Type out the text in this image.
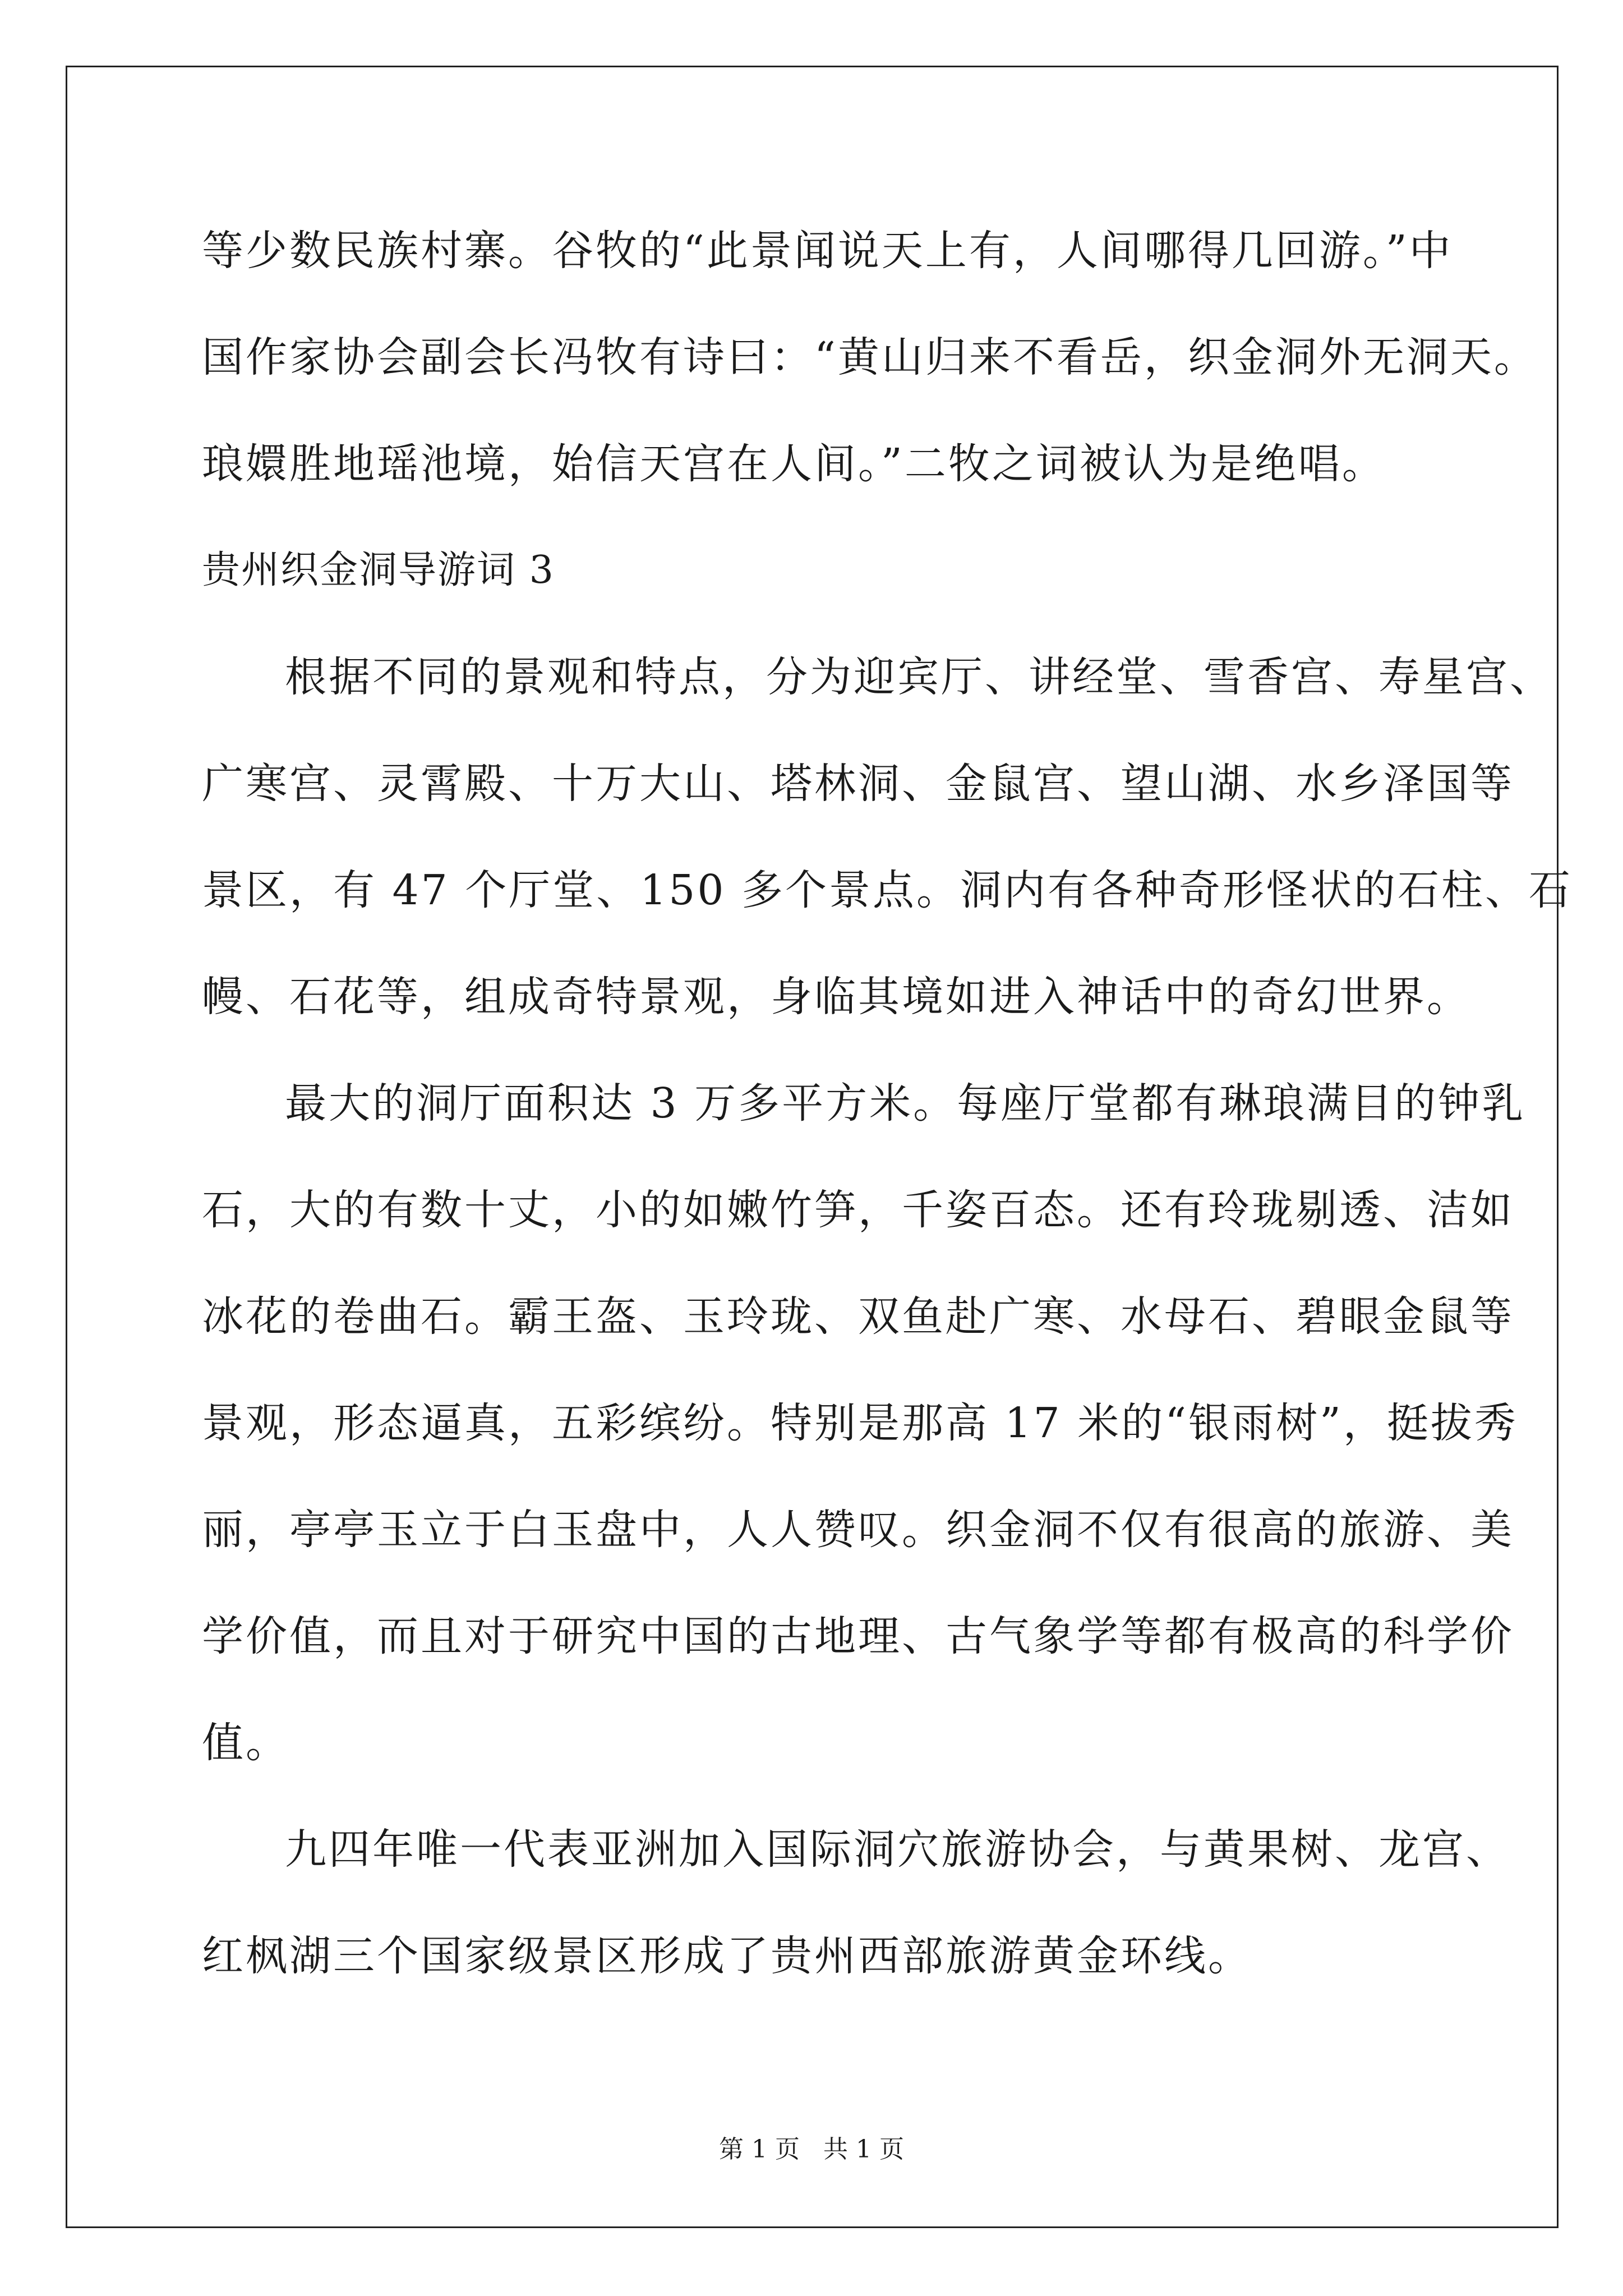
等少数民族村寨。谷牧的“此景闻说天上有，人间哪得几回游。”中
国作家协会副会长冯牧有诗曰：“黄山归来不看岳，织金洞外无洞天。
琅嬛胜地瑶池境，始信天宫在人间。”二牧之词被认为是绝唱。
贵州织金洞导游词 3
根据不同的景观和特点，分为迎宾厅、讲经堂、雪香宫、寿星宫、
广寒宫、灵霄殿、十万大山、塔林洞、金鼠宫、望山湖、水乡泽国等
景区，有 47 个厅堂、150 多个景点。洞内有各种奇形怪状的石柱、石
幔、石花等，组成奇特景观，身临其境如进入神话中的奇幻世界。
最大的洞厅面积达 3 万多平方米。每座厅堂都有琳琅满目的钟乳
石，大的有数十丈，小的如嫩竹笋，千姿百态。还有玲珑剔透、洁如
冰花的卷曲石。霸王盔、玉玲珑、双鱼赴广寒、水母石、碧眼金鼠等
景观，形态逼真，五彩缤纷。特别是那高 17 米的“银雨树”，挺拔秀
丽，亭亭玉立于白玉盘中，人人赞叹。织金洞不仅有很高的旅游、美
学价值，而且对于研究中国的古地理、古气象学等都有极高的科学价
值。
九四年唯一代表亚洲加入国际洞穴旅游协会，与黄果树、龙宫、
红枫湖三个国家级景区形成了贵州西部旅游黄金环线。
第 1 页   共 1 页
